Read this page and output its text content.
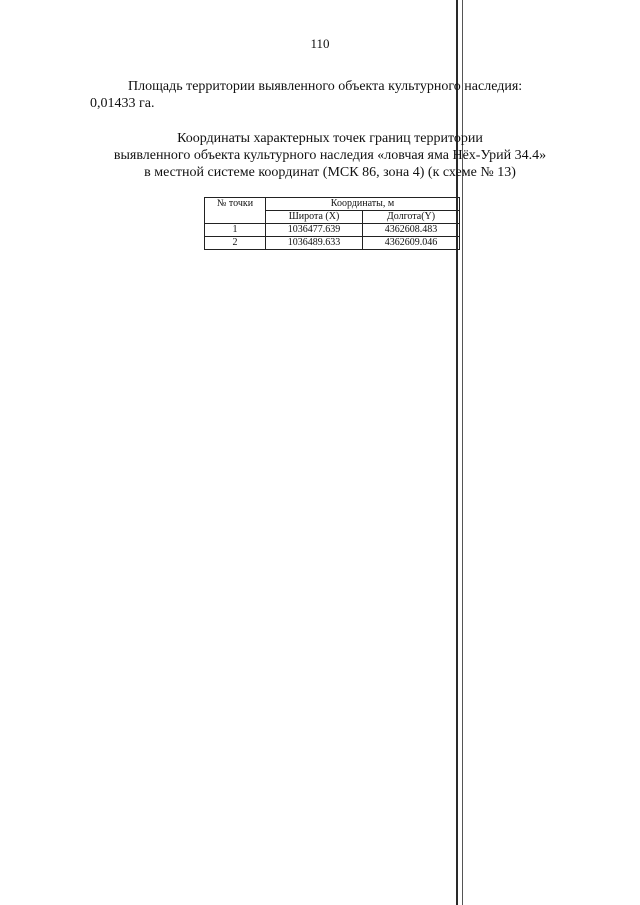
110
Площадь территории выявленного объекта культурного наследия:
0,01433 га.
Координаты характерных точек границ территории
выявленного объекта культурного наследия «ловчая яма Нёх-Урий 34.4»
в местной системе координат (МСК 86, зона 4) (к схеме № 13)
№ точки	Координаты, м	
	Широта (X)	Долгота(Y)
1	1036477.639	4362608.483
2	1036489.633	4362609.046
